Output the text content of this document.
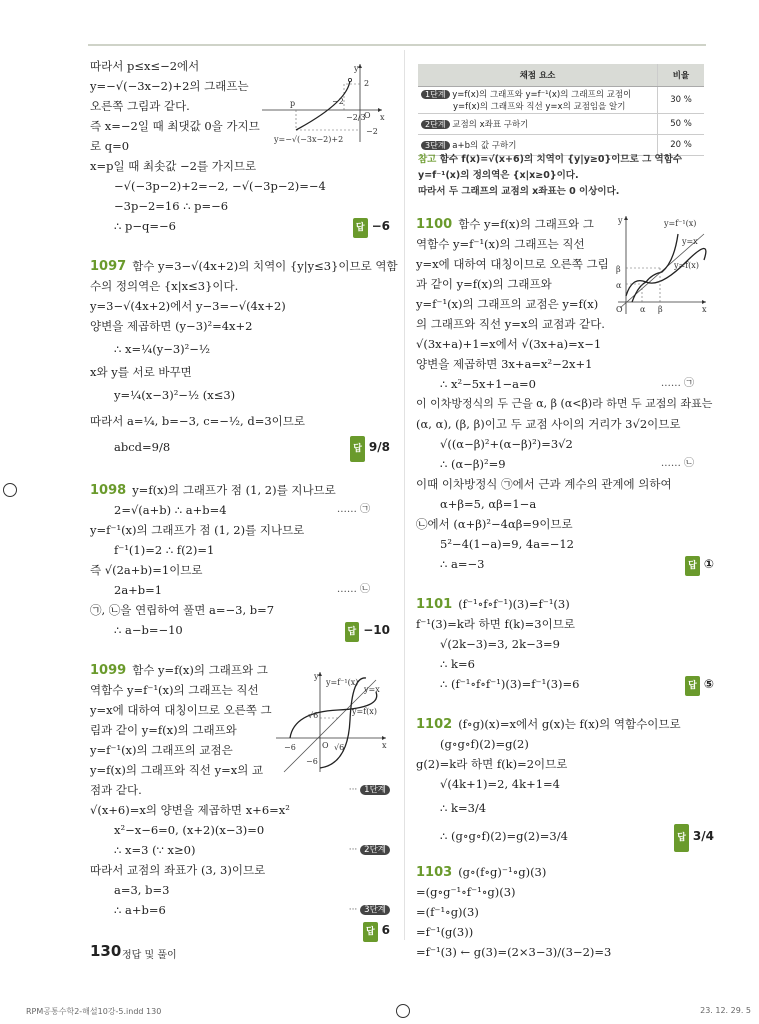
따라서 p≤x≤−2에서
y=−√(−3x−2)+2의 그래프는
오른쪽 그림과 같다.
즉 x=−2일 때 최댓값 0을 가지므
로 q=0
x=p일 때 최솟값 −2를 가지므로
−√(−3p−2)+2=−2, −√(−3p−2)=−4
−3p−2=16 ∴ p=−6
∴ p−q=−6	답 −6
1097 함수 y=3−√(4x+2)의 치역이 {y|y≤3}이므로 역함
수의 정의역은 {x|x≤3}이다.
y=3−√(4x+2)에서 y−3=−√(4x+2)
양변을 제곱하면 (y−3)²=4x+2
∴ x=¼(y−3)²−½
x와 y를 서로 바꾸면
y=¼(x−3)²−½ (x≤3)
따라서 a=¼, b=−3, c=−½, d=3이므로
abcd=9/8	답 9/8
1098 y=f(x)의 그래프가 점 (1, 2)를 지나므로
2=√(a+b) ∴ a+b=4	…… ㉠
y=f⁻¹(x)의 그래프가 점 (1, 2)를 지나므로
f⁻¹(1)=2 ∴ f(2)=1
즉 √(2a+b)=1이므로
2a+b=1	…… ㉡
㉠, ㉡을 연립하여 풀면 a=−3, b=7
∴ a−b=−10	답 −10
1099 함수 y=f(x)의 그래프와 그
역함수 y=f⁻¹(x)의 그래프는 직선
y=x에 대하여 대칭이므로 오른쪽 그
림과 같이 y=f(x)의 그래프와
y=f⁻¹(x)의 그래프의 교점은
y=f(x)의 그래프와 직선 y=x의 교
점과 같다.	··· 1단계
√(x+6)=x의 양변을 제곱하면 x+6=x²
x²−x−6=0, (x+2)(x−3)=0
∴ x=3 (∵ x≥0)	··· 2단계
따라서 교점의 좌표가 (3, 3)이므로
a=3, b=3
∴ a+b=6	··· 3단계
답 6
y
x
O
p	−2
2
−2/3
−2
y=−√(−3x−2)+2
y
x
O
y=f⁻¹(x)
y=x
y=f(x)
√6
−6
−6
√6
채점 요소	비율
1단계 y=f(x)의 그래프와 y=f⁻¹(x)의 그래프의 교점이
y=f(x)의 그래프와 직선 y=x의 교점임을 알기	30 %
2단계 교점의 x좌표 구하기	50 %
3단계 a+b의 값 구하기	20 %
참고 함수 f(x)=√(x+6)의 치역이 {y|y≥0}이므로 그 역함수
y=f⁻¹(x)의 정의역은 {x|x≥0}이다.
따라서 두 그래프의 교점의 x좌표는 0 이상이다.
1100 함수 y=f(x)의 그래프와 그
역함수 y=f⁻¹(x)의 그래프는 직선
y=x에 대하여 대칭이므로 오른쪽 그림
과 같이 y=f(x)의 그래프와
y=f⁻¹(x)의 그래프의 교점은 y=f(x)
의 그래프와 직선 y=x의 교점과 같다.
√(3x+a)+1=x에서 √(3x+a)=x−1
양변을 제곱하면 3x+a=x²−2x+1
∴ x²−5x+1−a=0	…… ㉠
이 이차방정식의 두 근을 α, β (α<β)라 하면 두 교점의 좌표는
(α, α), (β, β)이고 두 교점 사이의 거리가 3√2이므로
√((α−β)²+(α−β)²)=3√2
∴ (α−β)²=9	…… ㉡
이때 이차방정식 ㉠에서 근과 계수의 관계에 의하여
α+β=5, αβ=1−a
㉡에서 (α+β)²−4αβ=9이므로
5²−4(1−a)=9, 4a=−12
∴ a=−3	답 ①
1101 (f⁻¹∘f∘f⁻¹)(3)=f⁻¹(3)
f⁻¹(3)=k라 하면 f(k)=3이므로
√(2k−3)=3, 2k−3=9
∴ k=6
∴ (f⁻¹∘f∘f⁻¹)(3)=f⁻¹(3)=6	답 ⑤
1102 (f∘g)(x)=x에서 g(x)는 f(x)의 역함수이므로
(g∘g∘f)(2)=g(2)
g(2)=k라 하면 f(k)=2이므로
√(4k+1)=2, 4k+1=4
∴ k=3/4
∴ (g∘g∘f)(2)=g(2)=3/4	답 3/4
1103 (g∘(f∘g)⁻¹∘g)(3)
=(g∘g⁻¹∘f⁻¹∘g)(3)
=(f⁻¹∘g)(3)
=f⁻¹(g(3))
=f⁻¹(3) ← g(3)=(2×3−3)/(3−2)=3
y
x
O
y=f⁻¹(x)
y=x
y=f(x)
β
α
α β
130 정답 및 풀이
RPM공통수학2-해설10강-5.indd 130	23. 12. 29. 5
